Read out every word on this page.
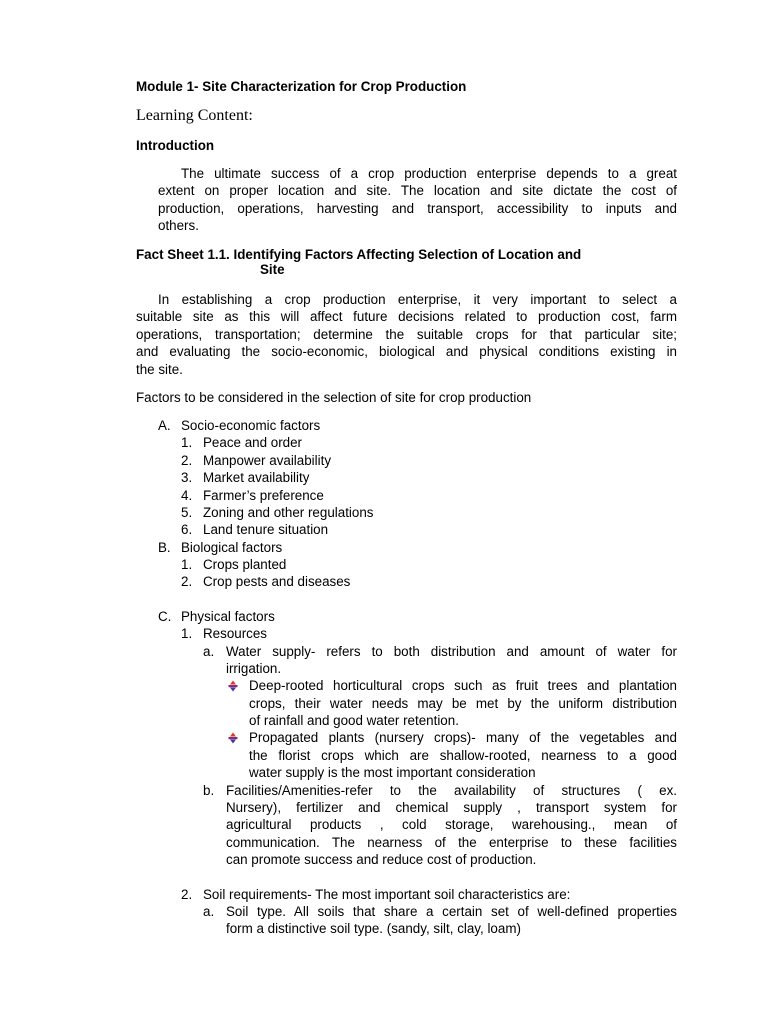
Module 1- Site Characterization for Crop Production
Learning Content:
Introduction
The ultimate success of a crop production enterprise depends to a great
extent on proper location and site. The location and site dictate the cost of
production, operations, harvesting and transport, accessibility to inputs and
others.
Fact Sheet 1.1. Identifying Factors Affecting Selection of Location and
Site
In establishing a crop production enterprise, it very important to select a
suitable site as this will affect future decisions related to production cost, farm
operations, transportation; determine the suitable crops for that particular site;
and evaluating the socio-economic, biological and physical conditions existing in
the site.
Factors to be considered in the selection of site for crop production
A. Socio-economic factors
1. Peace and order
2. Manpower availability
3. Market availability
4. Farmer’s preference
5. Zoning and other regulations
6. Land tenure situation
B. Biological factors
1. Crops planted
2. Crop pests and diseases
C. Physical factors
1. Resources
a. Water supply- refers to both distribution and amount of water for
irrigation.
Deep-rooted horticultural crops such as fruit trees and plantation
crops, their water needs may be met by the uniform distribution
of rainfall and good water retention.
Propagated plants (nursery crops)- many of the vegetables and
the florist crops which are shallow-rooted, nearness to a good
water supply is the most important consideration
b. Facilities/Amenities-refer to the availability of structures ( ex.
Nursery), fertilizer and chemical supply , transport system for
agricultural products , cold storage, warehousing., mean of
communication. The nearness of the enterprise to these facilities
can promote success and reduce cost of production.
2. Soil requirements- The most important soil characteristics are:
a. Soil type. All soils that share a certain set of well-defined properties
form a distinctive soil type. (sandy, silt, clay, loam)
